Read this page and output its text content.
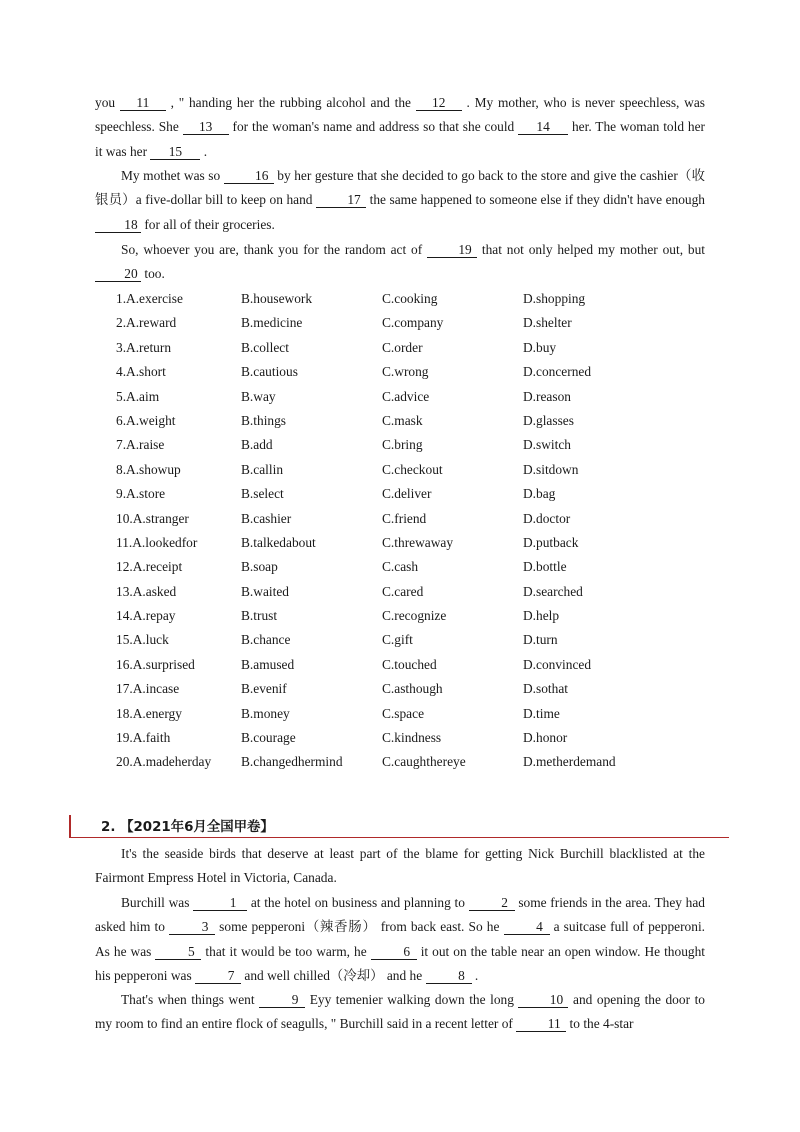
you 11 , " handing her the rubbing alcohol and the 12 . My mother, who is never speechless, was speechless. She 13 for the woman's name and address so that she could 14 her. The woman told her it was her 15 .

My mothet was so 16 by her gesture that she decided to go back to the store and give the cashier（收银员）a five-dollar bill to keep on hand 17 the same happened to someone else if they didn't have enough 18 for all of their groceries.

So, whoever you are, thank you for the random act of 19 that not only helped my mother out, but 20 too.

1.A.exercise	B.housework	C.cooking	D.shopping
2.A.reward	B.medicine	C.company	D.shelter
3.A.return	B.collect	C.order	D.buy
4.A.short	B.cautious	C.wrong	D.concerned
5.A.aim	B.way	C.advice	D.reason
6.A.weight	B.things	C.mask	D.glasses
7.A.raise	B.add	C.bring	D.switch
8.A.showup	B.callin	C.checkout	D.sitdown
9.A.store	B.select	C.deliver	D.bag
10.A.stranger	B.cashier	C.friend	D.doctor
11.A.lookedfor	B.talkedabout	C.threwaway	D.putback
12.A.receipt	B.soap	C.cash	D.bottle
13.A.asked	B.waited	C.cared	D.searched
14.A.repay	B.trust	C.recognize	D.help
15.A.luck	B.chance	C.gift	D.turn
16.A.surprised	B.amused	C.touched	D.convinced
17.A.incase	B.evenif	C.asthough	D.sothat
18.A.energy	B.money	C.space	D.time
19.A.faith	B.courage	C.kindness	D.honor
20.A.madeherday	B.changedhermind	C.caughthereye	D.metherdemand
2. 【2021年6月全国甲卷】

It's the seaside birds that deserve at least part of the blame for getting Nick Burchill blacklisted at the Fairmont Empress Hotel in Victoria, Canada.

Burchill was	1 at the hotel on business and planning to 2 some friends in the area. They had asked him to 3 some pepperoni（辣香肠） from back east. So he 4 a suitcase full of pepperoni. As he was 5 that it would be too warm, he 6 it out on the table near an open window. He thought his pepperoni was 7 and well chilled（冷却） and he 8 .

That's when things went 9 Eyy temenier walking down the long 10 and opening the door to my room to find an entire flock of seagulls, " Burchill said in a recent letter of 11 to the 4-star
